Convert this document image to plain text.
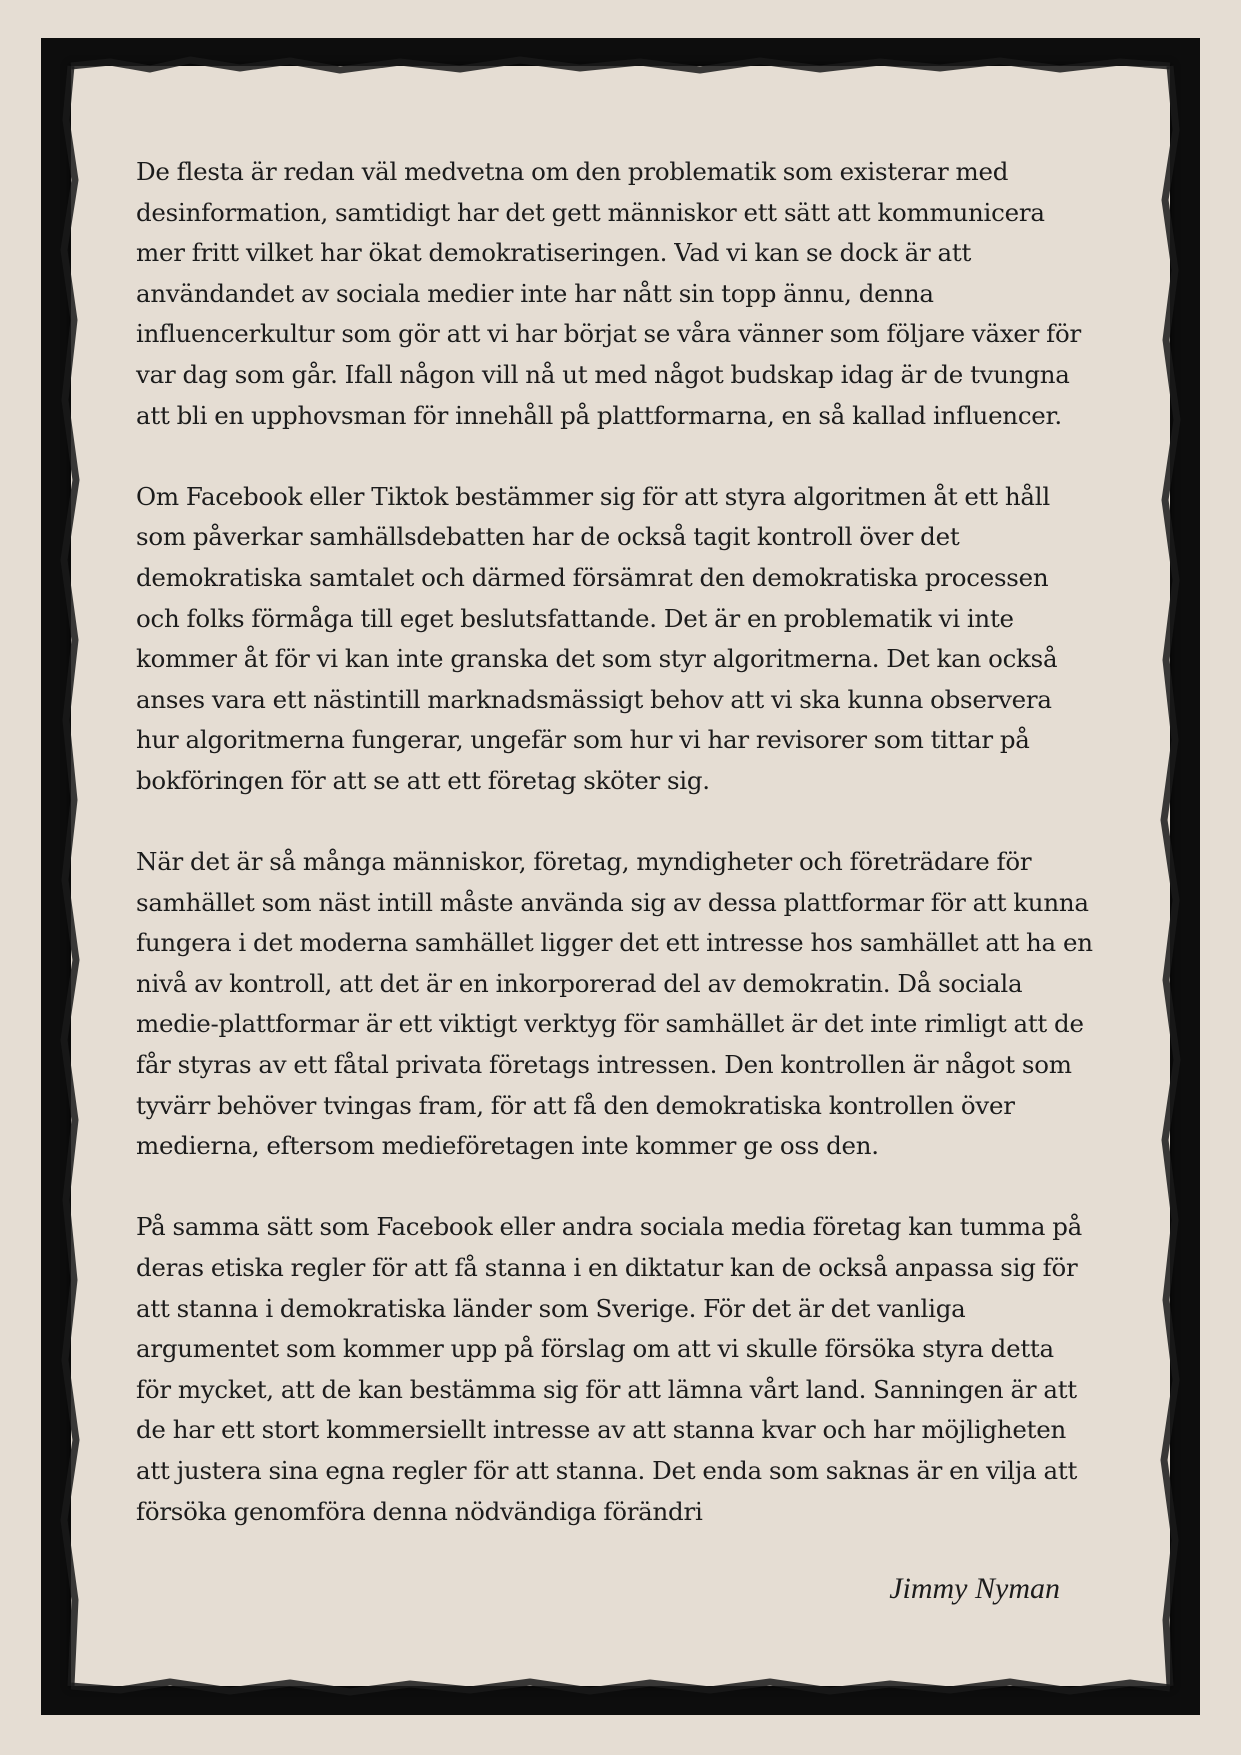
De flesta är redan väl medvetna om den problematik som existerar med
desinformation, samtidigt har det gett människor ett sätt att kommunicera
mer fritt vilket har ökat demokratiseringen. Vad vi kan se dock är att
användandet av sociala medier inte har nått sin topp ännu, denna
influencerkultur som gör att vi har börjat se våra vänner som följare växer för
var dag som går. Ifall någon vill nå ut med något budskap idag är de tvungna
att bli en upphovsman för innehåll på plattformarna, en så kallad influencer.

Om Facebook eller Tiktok bestämmer sig för att styra algoritmen åt ett håll
som påverkar samhällsdebatten har de också tagit kontroll över det
demokratiska samtalet och därmed försämrat den demokratiska processen
och folks förmåga till eget beslutsfattande. Det är en problematik vi inte
kommer åt för vi kan inte granska det som styr algoritmerna. Det kan också
anses vara ett nästintill marknadsmässigt behov att vi ska kunna observera
hur algoritmerna fungerar, ungefär som hur vi har revisorer som tittar på
bokföringen för att se att ett företag sköter sig.

När det är så många människor, företag, myndigheter och företrädare för
samhället som näst intill måste använda sig av dessa plattformar för att kunna
fungera i det moderna samhället ligger det ett intresse hos samhället att ha en
nivå av kontroll, att det är en inkorporerad del av demokratin. Då sociala
medie-plattformar är ett viktigt verktyg för samhället är det inte rimligt att de
får styras av ett fåtal privata företags intressen. Den kontrollen är något som
tyvärr behöver tvingas fram, för att få den demokratiska kontrollen över
medierna, eftersom medieföretagen inte kommer ge oss den.

På samma sätt som Facebook eller andra sociala media företag kan tumma på
deras etiska regler för att få stanna i en diktatur kan de också anpassa sig för
att stanna i demokratiska länder som Sverige. För det är det vanliga
argumentet som kommer upp på förslag om att vi skulle försöka styra detta
för mycket, att de kan bestämma sig för att lämna vårt land. Sanningen är att
de har ett stort kommersiellt intresse av att stanna kvar och har möjligheten
att justera sina egna regler för att stanna. Det enda som saknas är en vilja att
försöka genomföra denna nödvändiga förändri

Jimmy Nyman
